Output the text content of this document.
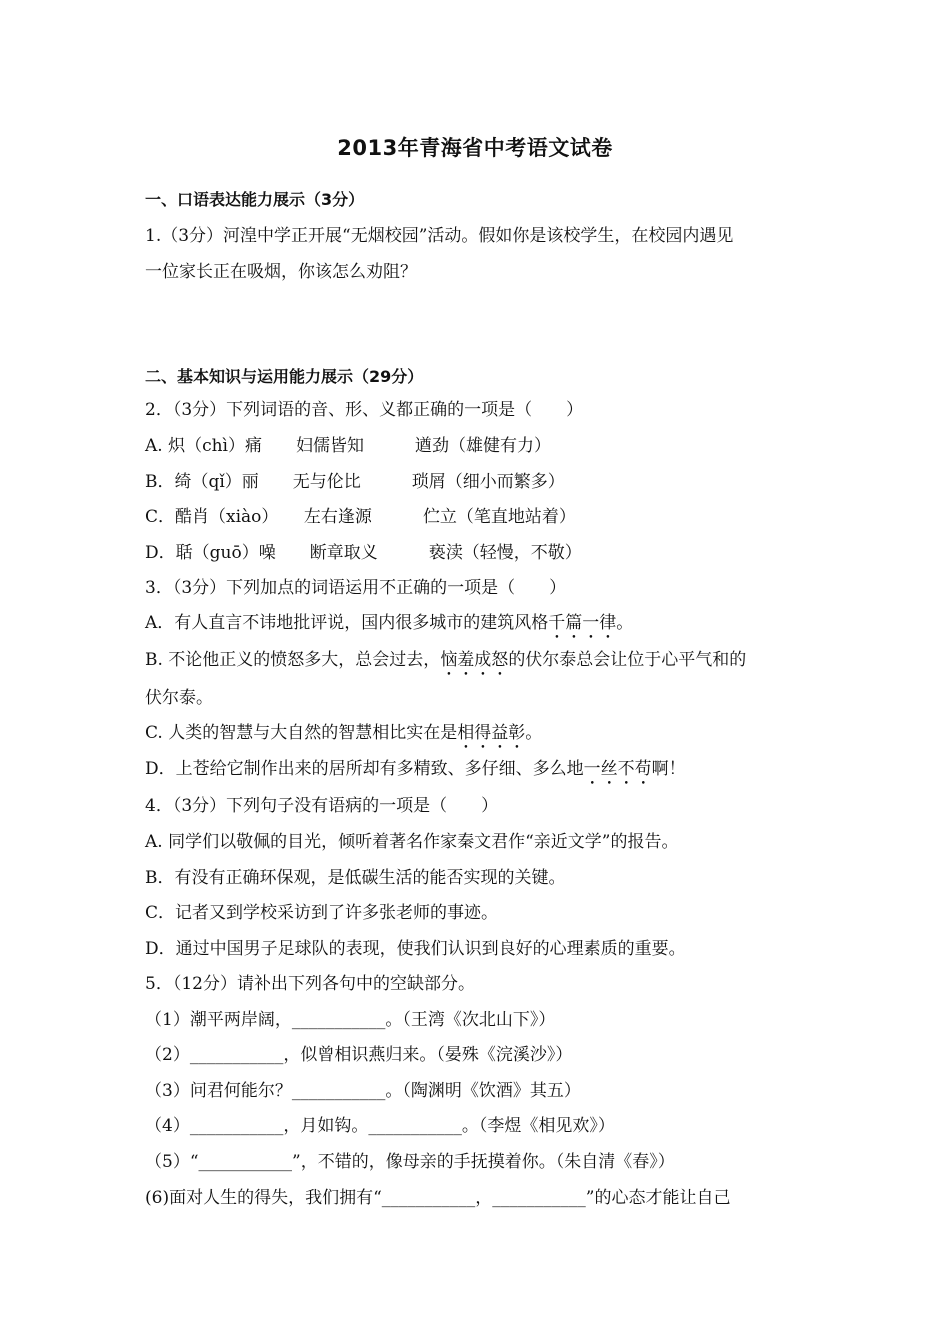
2013年青海省中考语文试卷
一、口语表达能力展示（3分）
1.（3分）河湟中学正开展“无烟校园”活动。假如你是该校学生，在校园内遇见
一位家长正在吸烟，你该怎么劝阻？
二、基本知识与运用能力展示（29分）
2．（3分）下列词语的音、形、义都正确的一项是（　　）
A. 炽（chì）痛　　妇儒皆知　　　遒劲（雄健有力）
B．绮（qǐ）丽　　无与伦比　　　琐屑（细小而繁多）
C．酷肖（xiào）　　左右逢源　　　伫立（笔直地站着）
D．聒（guō）噪　　断章取义　　　亵渎（轻慢，不敬）
3．（3分）下列加点的词语运用不正确的一项是（　　）
A．有人直言不讳地批评说，国内很多城市的建筑风格千篇一律。
B. 不论他正义的愤怒多大，总会过去，恼羞成怒的伏尔泰总会让位于心平气和的
伏尔泰。
C. 人类的智慧与大自然的智慧相比实在是相得益彰。
D．上苍给它制作出来的居所却有多精致、多仔细、多么地一丝不苟啊！
4．（3分）下列句子没有语病的一项是（　　）
A. 同学们以敬佩的目光，倾听着著名作家秦文君作“亲近文学”的报告。
B．有没有正确环保观，是低碳生活的能否实现的关键。
C．记者又到学校采访到了许多张老师的事迹。
D．通过中国男子足球队的表现，使我们认识到良好的心理素质的重要。
5．（12分）请补出下列各句中的空缺部分。
（1）潮平两岸阔，___________。（王湾《次北山下》）
（2）___________，似曾相识燕归来。（晏殊《浣溪沙》）
（3）问君何能尔？___________。（陶渊明《饮酒》其五）
（4）___________，月如钩。___________。（李煜《相见欢》）
（5）“___________”，不错的，像母亲的手抚摸着你。（朱自清《春》）
(6)面对人生的得失，我们拥有“___________，___________”的心态才能让自己
